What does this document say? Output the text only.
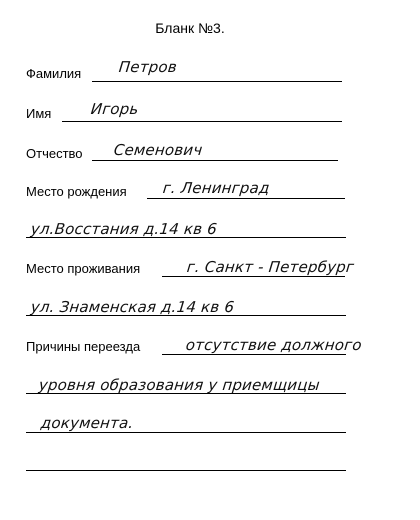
Бланк №3.
Фамилия Петров
Имя	Игорь
Отчество Семенович
Место рождения г. Ленинград
ул.Восстания д.14 кв 6
Место проживания	г. Санкт - Петербург
ул. Знаменская д.14 кв 6
Причины переезда	отсутствие должного
уровня образования у приемщицы
документа.
